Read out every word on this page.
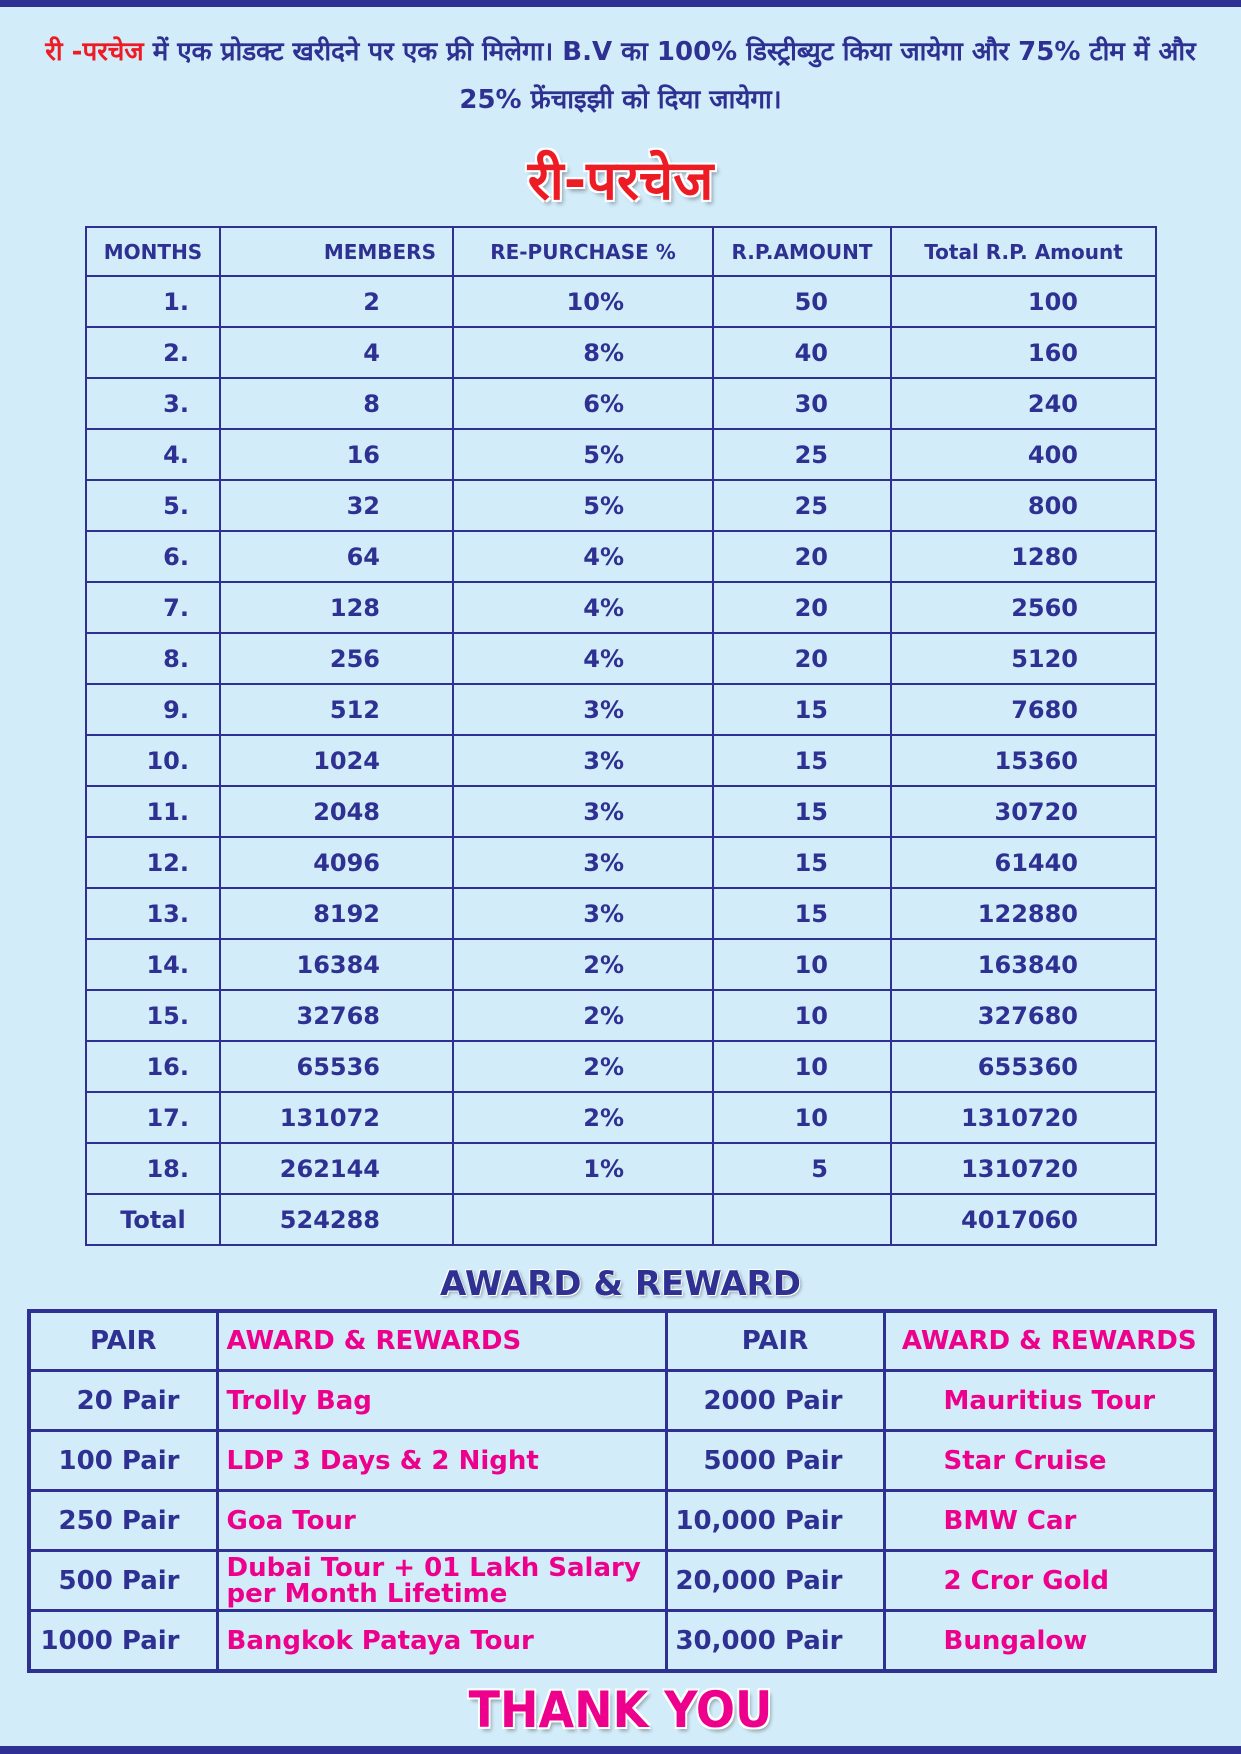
री -परचेज में एक प्रोडक्ट खरीदने पर एक फ्री मिलेगा। B.V का 100% डिस्ट्रीब्युट किया जायेगा और 75% टीम में और 25% फ्रेंचाइझी को दिया जायेगा।
री-परचेज
MONTHS	MEMBERS	RE-PURCHASE %	R.P.AMOUNT	Total R.P. Amount
1.	2	10%	50	100
2.	4	8%	40	160
3.	8	6%	30	240
4.	16	5%	25	400
5.	32	5%	25	800
6.	64	4%	20	1280
7.	128	4%	20	2560
8.	256	4%	20	5120
9.	512	3%	15	7680
10.	1024	3%	15	15360
11.	2048	3%	15	30720
12.	4096	3%	15	61440
13.	8192	3%	15	122880
14.	16384	2%	10	163840
15.	32768	2%	10	327680
16.	65536	2%	10	655360
17.	131072	2%	10	1310720
18.	262144	1%	5	1310720
Total	524288			4017060
AWARD & REWARD
PAIR	AWARD & REWARDS	PAIR	AWARD & REWARDS
20 Pair	Trolly Bag	2000 Pair	Mauritius Tour
100 Pair	LDP 3 Days & 2 Night	5000 Pair	Star Cruise
250 Pair	Goa Tour	10,000 Pair	BMW Car
500 Pair	Dubai Tour + 01 Lakh Salary per Month Lifetime	20,000 Pair	2 Cror Gold
1000 Pair	Bangkok Pataya Tour	30,000 Pair	Bungalow
THANK YOU
